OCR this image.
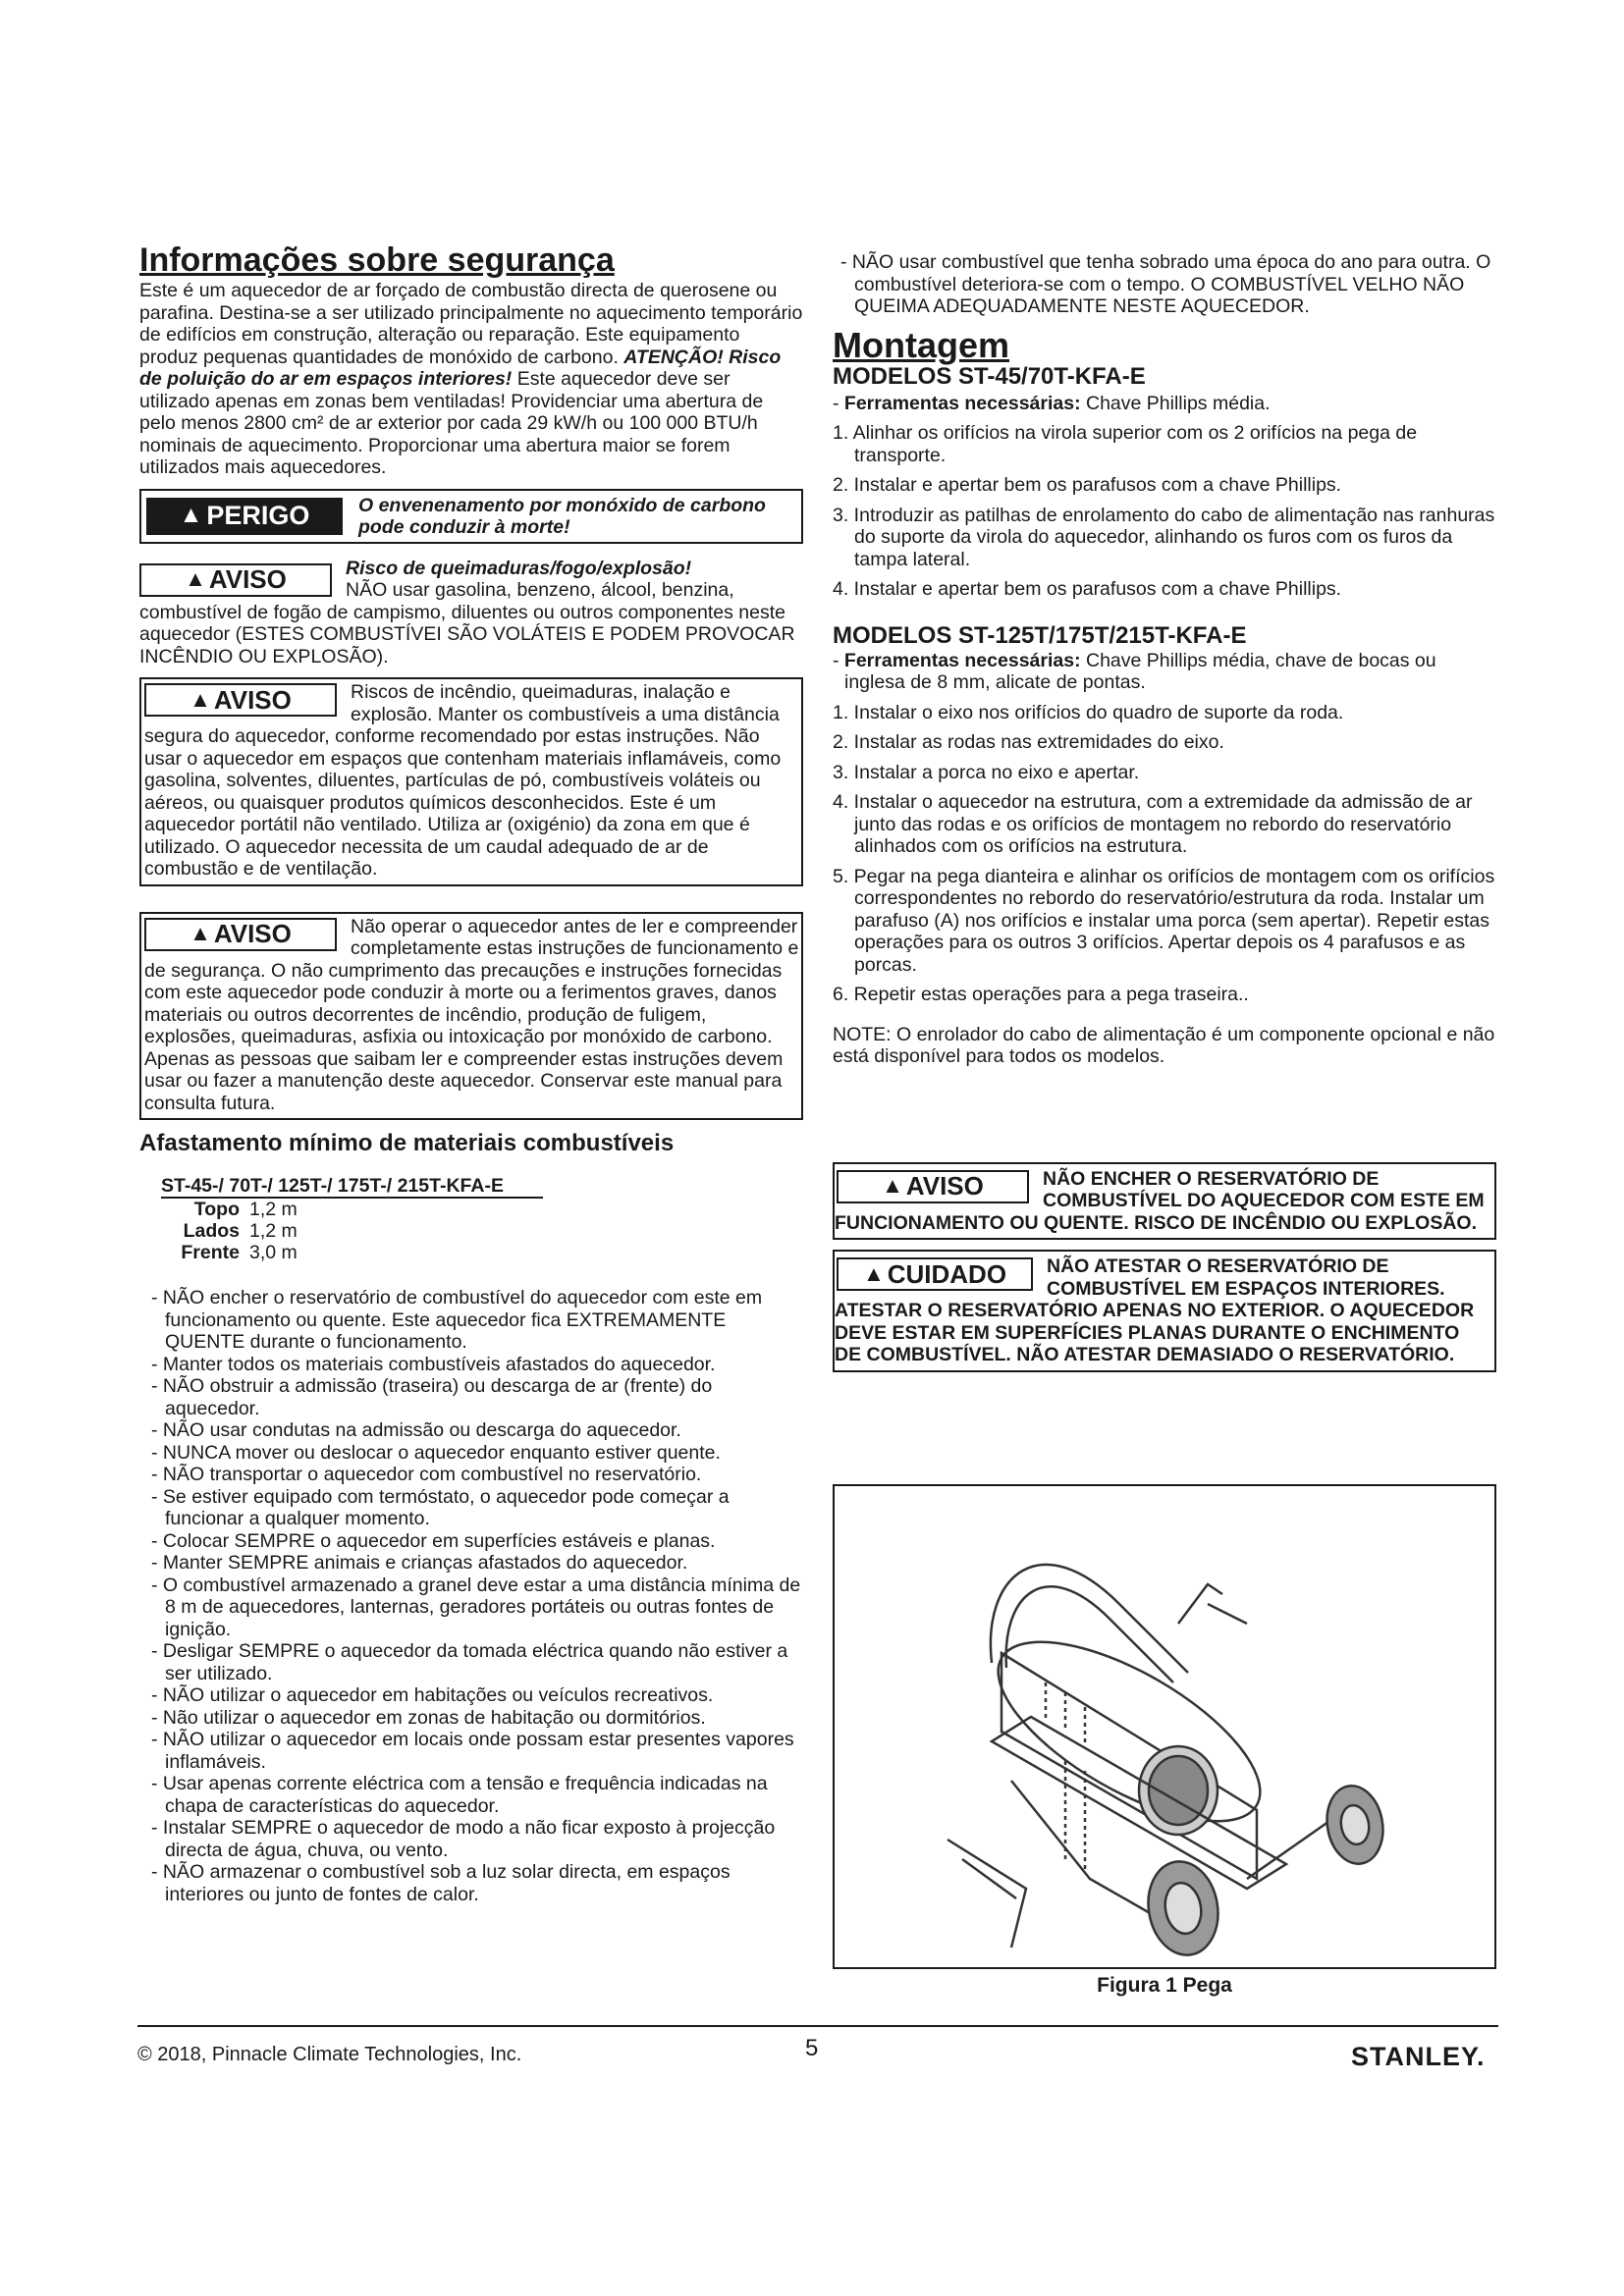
Informações sobre segurança

Este é um aquecedor de ar forçado de combustão directa de querosene ou parafina. Destina-se a ser utilizado principalmente no aquecimento temporário de edifícios em construção, alteração ou reparação. Este equipamento produz pequenas quantidades de monóxido de carbono. ATENÇÃO! Risco de poluição do ar em espaços interiores! Este aquecedor deve ser utilizado apenas em zonas bem ventiladas! Providenciar uma abertura de pelo menos 2800 cm² de ar exterior por cada 29 kW/h ou 100 000 BTU/h nominais de aquecimento. Proporcionar uma abertura maior se forem utilizados mais aquecedores.

▲ PERIGO	O envenenamento por monóxido de carbono pode conduzir à morte!
▲ AVISO	Risco de queimaduras/fogo/explosão!
NÃO usar gasolina, benzeno, álcool, benzina, combustível de fogão de campismo, diluentes ou outros componentes neste aquecedor (ESTES COMBUSTÍVEI SÃO VOLÁTEIS E PODEM PROVOCAR INCÊNDIO OU EXPLOSÃO).
▲ AVISO	Riscos de incêndio, queimaduras, inalação e explosão. Manter os combustíveis a uma distância segura do aquecedor, conforme recomendado por estas instruções. Não usar o aquecedor em espaços que contenham materiais inflamáveis, como gasolina, solventes, diluentes, partículas de pó, combustíveis voláteis ou aéreos, ou quaisquer produtos químicos desconhecidos. Este é um aquecedor portátil não ventilado. Utiliza ar (oxigénio) da zona em que é utilizado. O aquecedor necessita de um caudal adequado de ar de combustão e de ventilação.
▲ AVISO	Não operar o aquecedor antes de ler e compreender completamente estas instruções de funcionamento e de segurança. O não cumprimento das precauções e instruções fornecidas com este aquecedor pode conduzir à morte ou a ferimentos graves, danos materiais ou outros decorrentes de incêndio, produção de fuligem, explosões, queimaduras, asfixia ou intoxicação por monóxido de carbono. Apenas as pessoas que saibam ler e compreender estas instruções devem usar ou fazer a manutenção deste aquecedor. Conservar este manual para consulta futura.
Afastamento mínimo de materiais combustíveis
ST-45-/ 70T-/ 125T-/ 175T-/ 215T-KFA-E
Topo 1,2 m
Lados 1,2 m
Frente 3,0 m
- NÃO encher o reservatório de combustível do aquecedor com este em funcionamento ou quente. Este aquecedor fica EXTREMAMENTE QUENTE durante o funcionamento.
- Manter todos os materiais combustíveis afastados do aquecedor.
- NÃO obstruir a admissão (traseira) ou descarga de ar (frente) do aquecedor.
- NÃO usar condutas na admissão ou descarga do aquecedor.
- NUNCA mover ou deslocar o aquecedor enquanto estiver quente.
- NÃO transportar o aquecedor com combustível no reservatório.
- Se estiver equipado com termóstato, o aquecedor pode começar a funcionar a qualquer momento.
- Colocar SEMPRE o aquecedor em superfícies estáveis e planas.
- Manter SEMPRE animais e crianças afastados do aquecedor.
- O combustível armazenado a granel deve estar a uma distância mínima de 8 m de aquecedores, lanternas, geradores portáteis ou outras fontes de ignição.
- Desligar SEMPRE o aquecedor da tomada eléctrica quando não estiver a ser utilizado.
- NÃO utilizar o aquecedor em habitações ou veículos recreativos.
- Não utilizar o aquecedor em zonas de habitação ou dormitórios.
- NÃO utilizar o aquecedor em locais onde possam estar presentes vapores inflamáveis.
- Usar apenas corrente eléctrica com a tensão e frequência indicadas na chapa de características do aquecedor.
- Instalar SEMPRE o aquecedor de modo a não ficar exposto à projecção directa de água, chuva, ou vento.
- NÃO armazenar o combustível sob a luz solar directa, em espaços interiores ou junto de fontes de calor.
- NÃO usar combustível que tenha sobrado uma época do ano para outra. O combustível deteriora-se com o tempo. O COMBUSTÍVEL VELHO NÃO QUEIMA ADEQUADAMENTE NESTE AQUECEDOR.
Montagem
MODELOS ST-45/70T-KFA-E

- Ferramentas necessárias: Chave Phillips média.

1. Alinhar os orifícios na virola superior com os 2 orifícios na pega de transporte.
2. Instalar e apertar bem os parafusos com a chave Phillips.
3. Introduzir as patilhas de enrolamento do cabo de alimentação nas ranhuras do suporte da virola do aquecedor, alinhando os furos com os furos da tampa lateral.
4. Instalar e apertar bem os parafusos com a chave Phillips.
MODELOS ST-125T/175T/215T-KFA-E

- Ferramentas necessárias: Chave Phillips média, chave de bocas ou inglesa de 8 mm, alicate de pontas.

1. Instalar o eixo nos orifícios do quadro de suporte da roda.
2. Instalar as rodas nas extremidades do eixo.
3. Instalar a porca no eixo e apertar.
4. Instalar o aquecedor na estrutura, com a extremidade da admissão de ar junto das rodas e os orifícios de montagem no rebordo do reservatório alinhados com os orifícios na estrutura.
5. Pegar na pega dianteira e alinhar os orifícios de montagem com os orifícios correspondentes no rebordo do reservatório/estrutura da roda. Instalar um parafuso (A) nos orifícios e instalar uma porca (sem apertar). Repetir estas operações para os outros 3 orifícios. Apertar depois os 4 parafusos e as porcas.
6. Repetir estas operações para a pega traseira..

NOTE: O enrolador do cabo de alimentação é um componente opcional e não está disponível para todos os modelos.

▲ AVISO	NÃO ENCHER O RESERVATÓRIO DE COMBUSTÍVEL DO AQUECEDOR COM ESTE EM FUNCIONAMENTO OU QUENTE. RISCO DE INCÊNDIO OU EXPLOSÃO.
▲ CUIDADO NÃO ATESTAR O RESERVATÓRIO DE COMBUSTÍVEL EM ESPAÇOS INTERIORES. ATESTAR O RESERVATÓRIO APENAS NO EXTERIOR. O AQUECEDOR DEVE ESTAR EM SUPERFÍCIES PLANAS DURANTE O ENCHIMENTO DE COMBUSTÍVEL. NÃO ATESTAR DEMASIADO O RESERVATÓRIO.
Figura 1 Pega
© 2018, Pinnacle Climate Technologies, Inc.	5	STANLEY.
